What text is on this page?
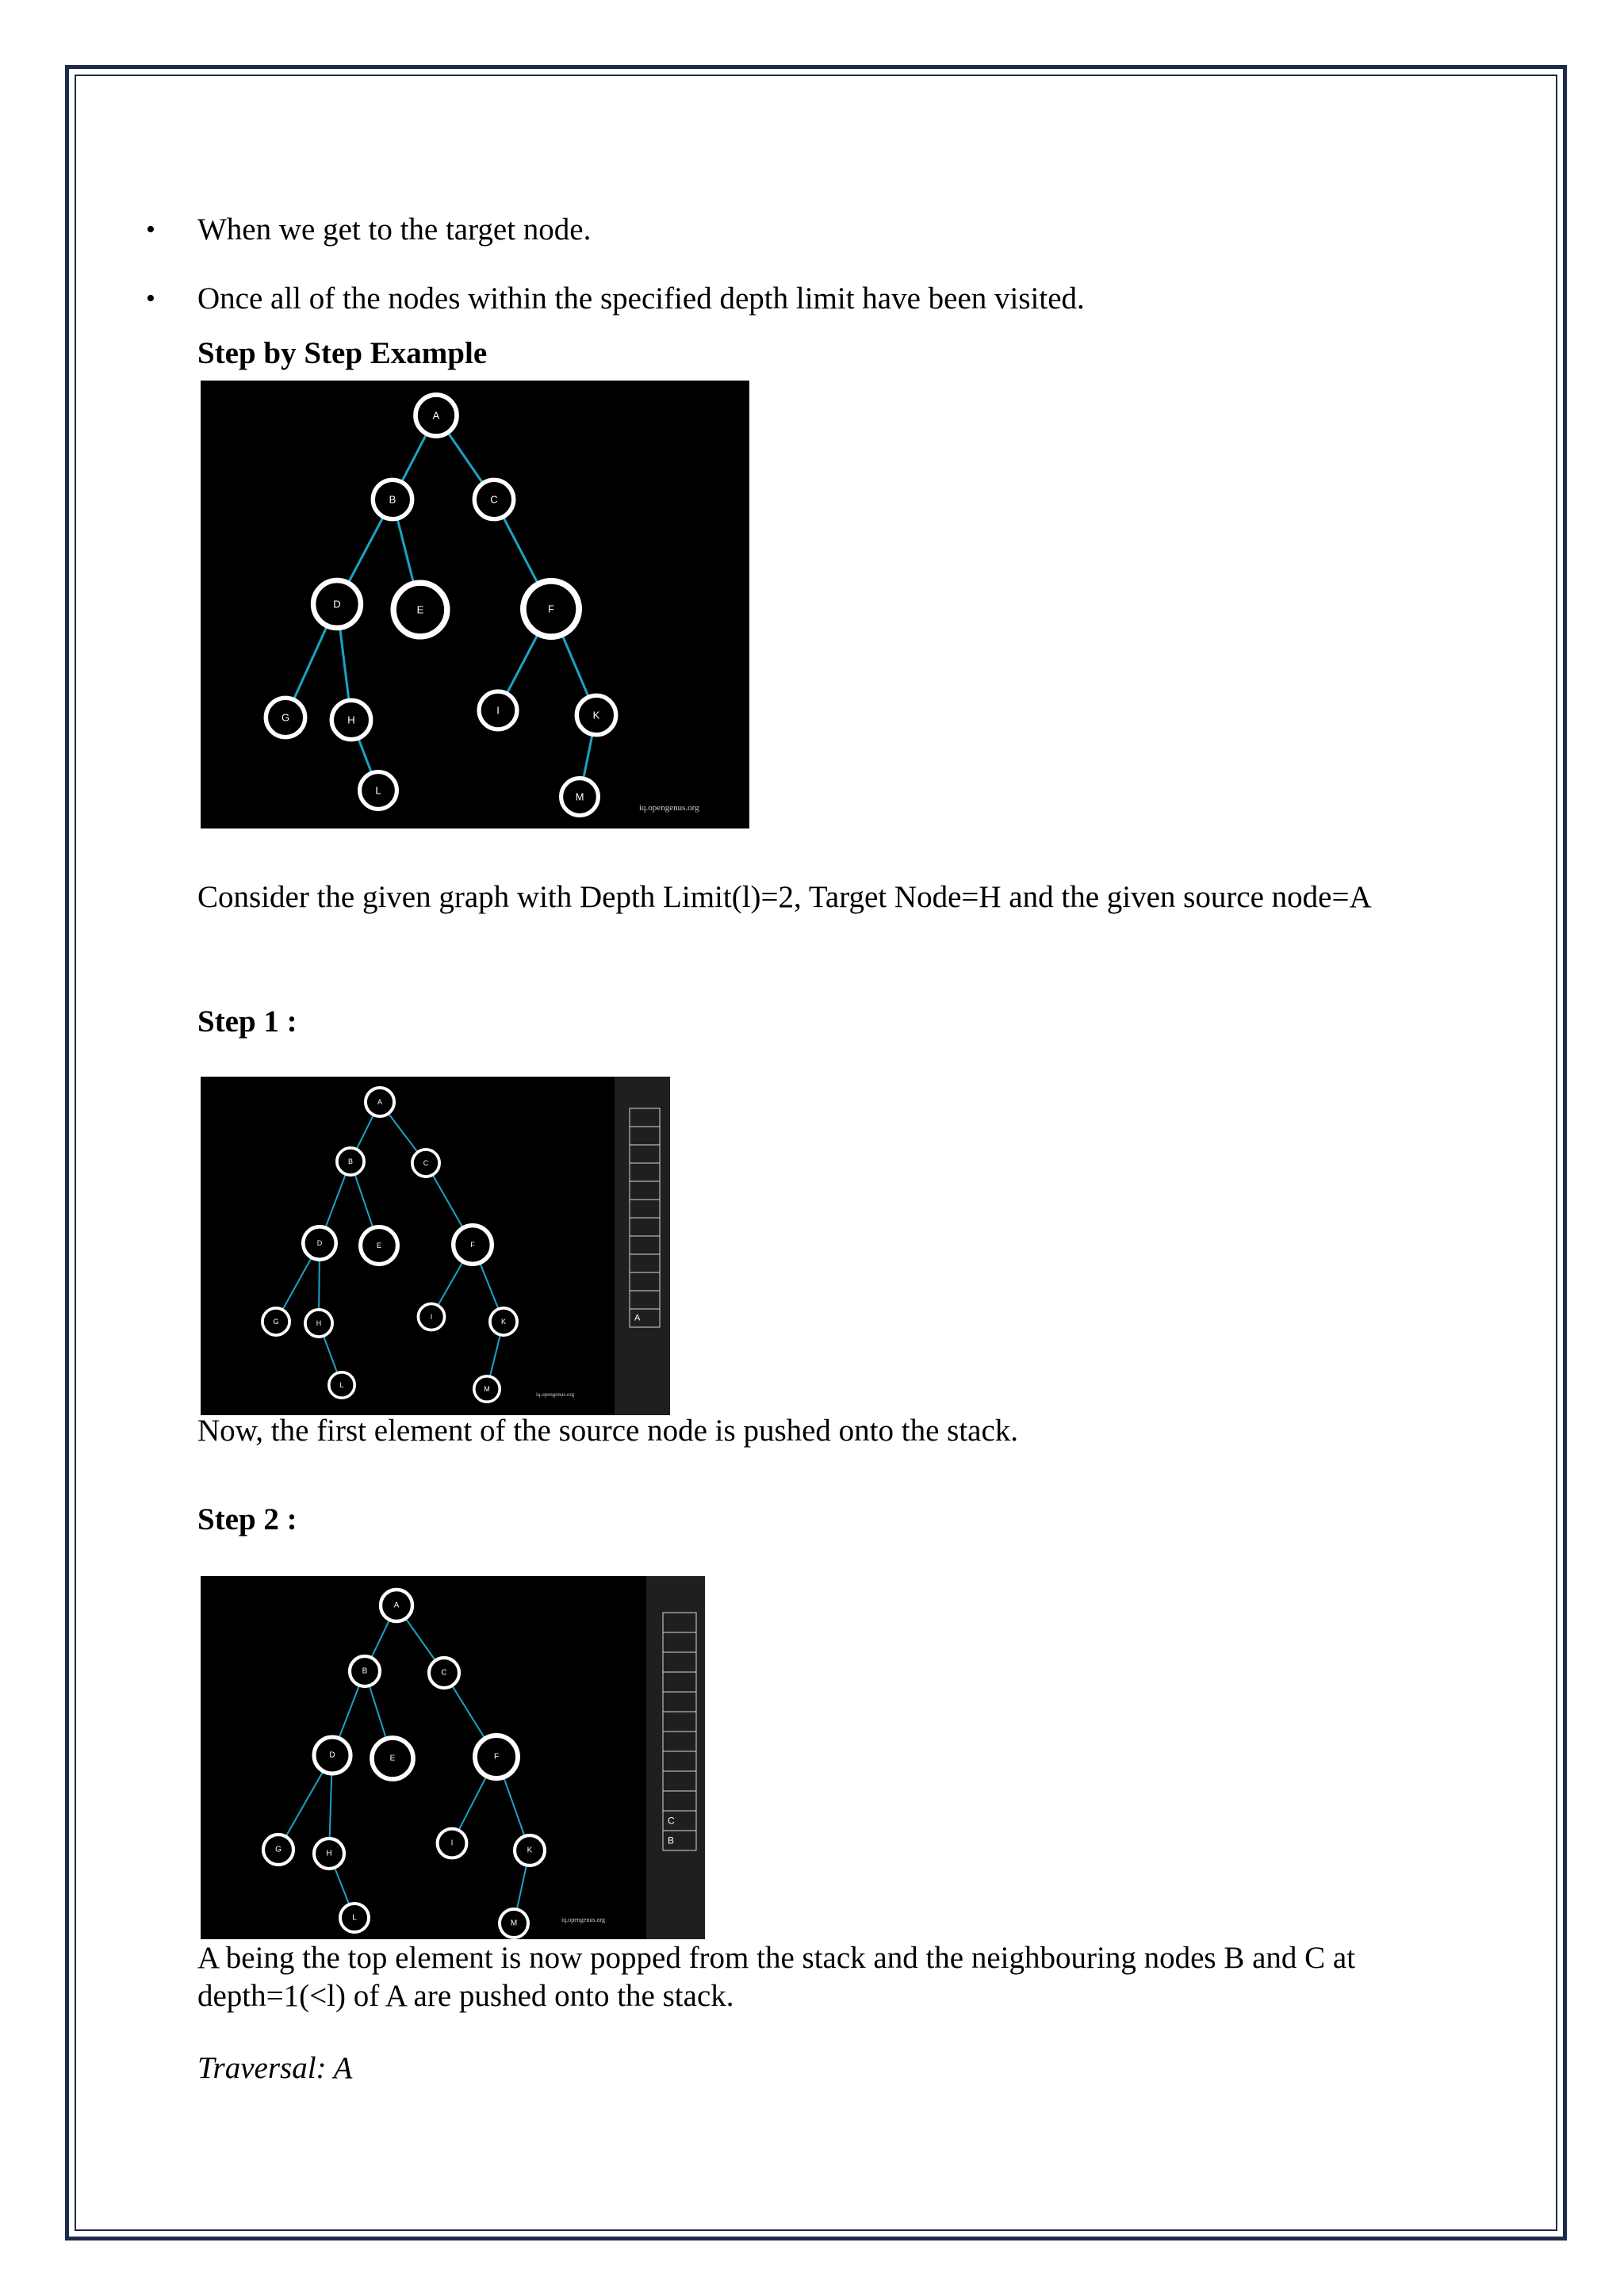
• When we get to the target node.
• Once all of the nodes within the specified depth limit have been visited.
Step by Step Example
A
B	C
D	E	F
G	H
I	K
L
M
iq.opengenus.org
Consider the given graph with Depth Limit(l)=2, Target Node=H and the given source node=A
Step 1 :
A
B	C
D	E	F
G	H
I
K
L	M
A
iq.opengenus.org
Now, the first element of the source node is pushed onto the stack.
Step 2 :
A
B	C
D	E	F
G	H
I
K
L
M
C
B
iq.opengenus.org
A being the top element is now popped from the stack and the neighbouring nodes B and C at
depth=1(<l) of A are pushed onto the stack.
Traversal: A
